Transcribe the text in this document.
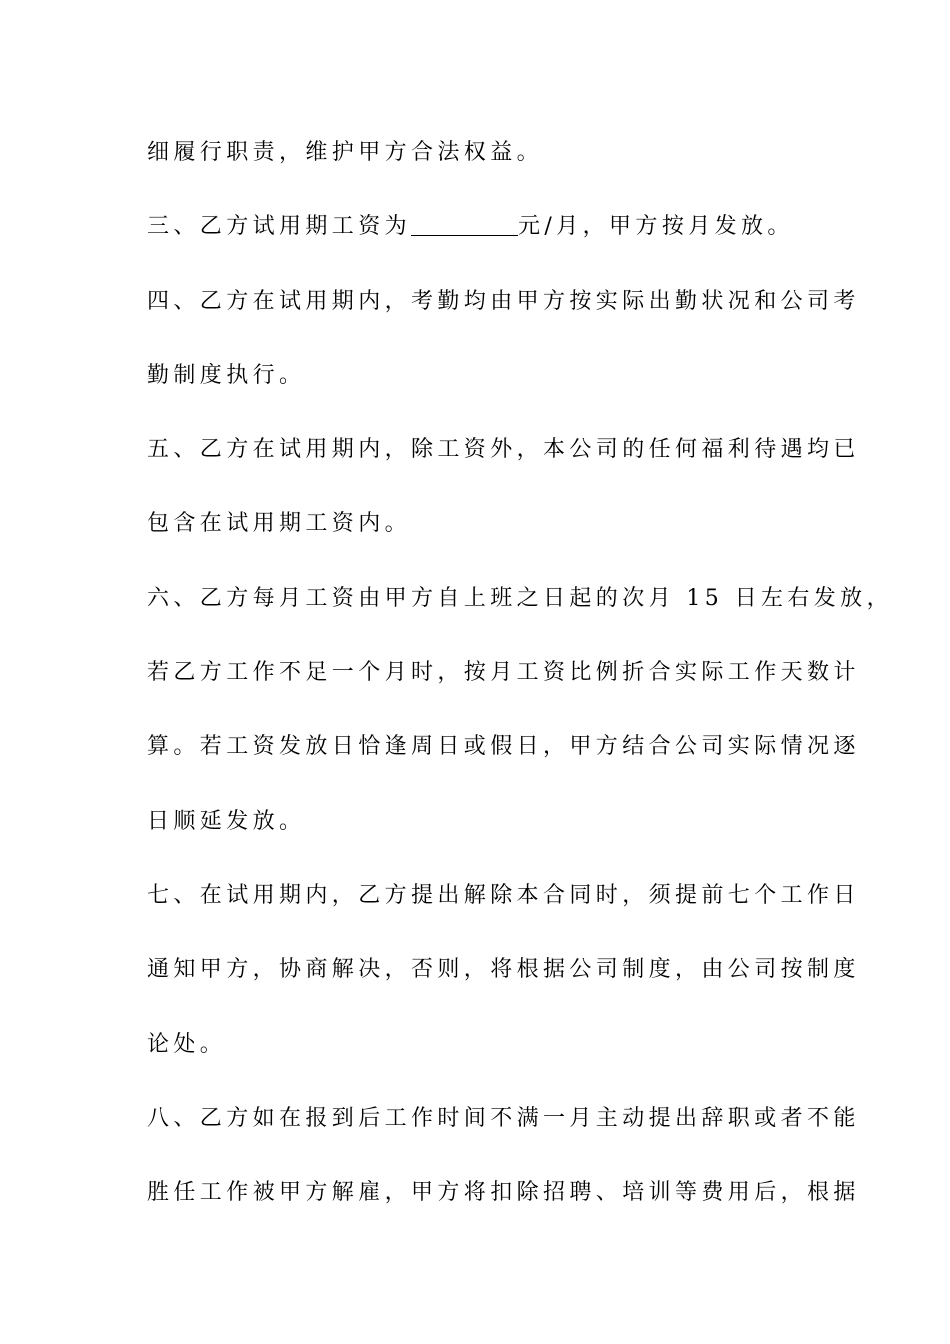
细履行职责，维护甲方合法权益。
三、乙方试用期工资为	元/月，甲方按月发放。
四、乙方在试用期内，考勤均由甲方按实际出勤状况和公司考
勤制度执行。
五、乙方在试用期内，除工资外，本公司的任何福利待遇均已
包含在试用期工资内。
六、乙方每月工资由甲方自上班之日起的次月 15 日左右发放，
若乙方工作不足一个月时，按月工资比例折合实际工作天数计
算。若工资发放日恰逢周日或假日，甲方结合公司实际情况逐
日顺延发放。
七、在试用期内，乙方提出解除本合同时，须提前七个工作日
通知甲方，协商解决，否则，将根据公司制度，由公司按制度
论处。
八、乙方如在报到后工作时间不满一月主动提出辞职或者不能
胜任工作被甲方解雇，甲方将扣除招聘、培训等费用后，根据
